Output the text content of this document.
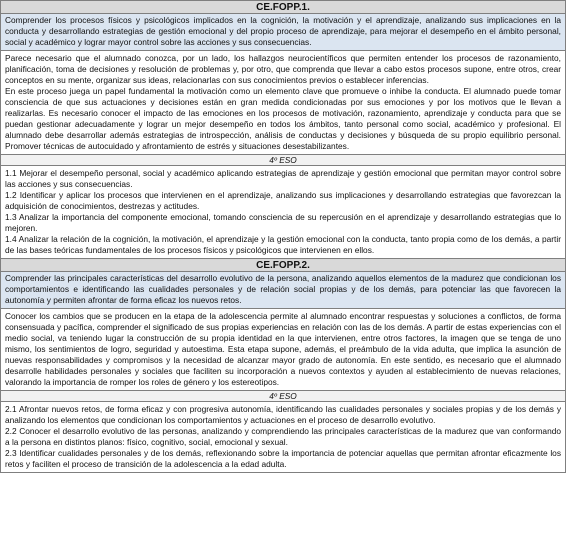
CE.FOPP.1.
Comprender los procesos físicos y psicológicos implicados en la cognición, la motivación y el aprendizaje, analizando sus implicaciones en la conducta y desarrollando estrategias de gestión emocional y del propio proceso de aprendizaje, para mejorar el desempeño en el ámbito personal, social y académico y lograr mayor control sobre las acciones y sus consecuencias.

Parece necesario que el alumnado conozca, por un lado, los hallazgos neurocientíficos que permiten entender los procesos de razonamiento, planificación, toma de decisiones y resolución de problemas y, por otro, que comprenda que llevar a cabo estos procesos supone, entre otros, crear conceptos en su mente, organizar sus ideas, relacionarlas con sus conocimientos previos o establecer inferencias.

En este proceso juega un papel fundamental la motivación como un elemento clave que promueve o inhibe la conducta. El alumnado puede tomar consciencia de que sus actuaciones y decisiones están en gran medida condicionadas por sus emociones y por los motivos que le llevan a realizarlas. Es necesario conocer el impacto de las emociones en los procesos de motivación, razonamiento, aprendizaje y conducta para que se puedan gestionar adecuadamente y lograr un mejor desempeño en todos los ámbitos, tanto personal como social, académico y profesional. El alumnado debe desarrollar además estrategias de introspección, análisis de conductas y decisiones y búsqueda de su propio equilibrio personal. Promover técnicas de autocuidado y afrontamiento de estrés y situaciones desestabilizantes.

4º ESO

1.1 Mejorar el desempeño personal, social y académico aplicando estrategias de aprendizaje y gestión emocional que permitan mayor control sobre las acciones y sus consecuencias.

1.2 Identificar y aplicar los procesos que intervienen en el aprendizaje, analizando sus implicaciones y desarrollando estrategias que favorezcan la adquisición de conocimientos, destrezas y actitudes.

1.3 Analizar la importancia del componente emocional, tomando consciencia de su repercusión en el aprendizaje y desarrollando estrategias que lo mejoren.

1.4 Analizar la relación de la cognición, la motivación, el aprendizaje y la gestión emocional con la conducta, tanto propia como de los demás, a partir de las bases teóricas fundamentales de los procesos físicos y psicológicos que intervienen en ellos.

CE.FOPP.2.
Comprender las principales características del desarrollo evolutivo de la persona, analizando aquellos elementos de la madurez que condicionan los comportamientos e identificando las cualidades personales y de relación social propias y de los demás, para potenciar las que favorecen la autonomía y permiten afrontar de forma eficaz los nuevos retos.

Conocer los cambios que se producen en la etapa de la adolescencia permite al alumnado encontrar respuestas y soluciones a conflictos, de forma consensuada y pacífica, comprender el significado de sus propias experiencias en relación con las de los demás. A partir de estas experiencias con el medio social, va teniendo lugar la construcción de su propia identidad en la que intervienen, entre otros factores, la imagen que se tenga de uno mismo, los sentimientos de logro, seguridad y autoestima. Esta etapa supone, además, el preámbulo de la vida adulta, que implica la asunción de nuevas responsabilidades y compromisos y la necesidad de alcanzar mayor grado de autonomía. En este sentido, es necesario que el alumnado desarrolle habilidades personales y sociales que faciliten su incorporación a nuevos contextos y ayuden al establecimiento de nuevas relaciones, valorando la importancia de romper los roles de género y los estereotipos.

4º ESO

2.1 Afrontar nuevos retos, de forma eficaz y con progresiva autonomía, identificando las cualidades personales y sociales propias y de los demás y analizando los elementos que condicionan los comportamientos y actuaciones en el proceso de desarrollo evolutivo.

2.2 Conocer el desarrollo evolutivo de las personas, analizando y comprendiendo las principales características de la madurez que van conformando a la persona en distintos planos: físico, cognitivo, social, emocional y sexual.

2.3 Identificar cualidades personales y de los demás, reflexionando sobre la importancia de potenciar aquellas que permitan afrontar eficazmente los retos y faciliten el proceso de transición de la adolescencia a la edad adulta.
